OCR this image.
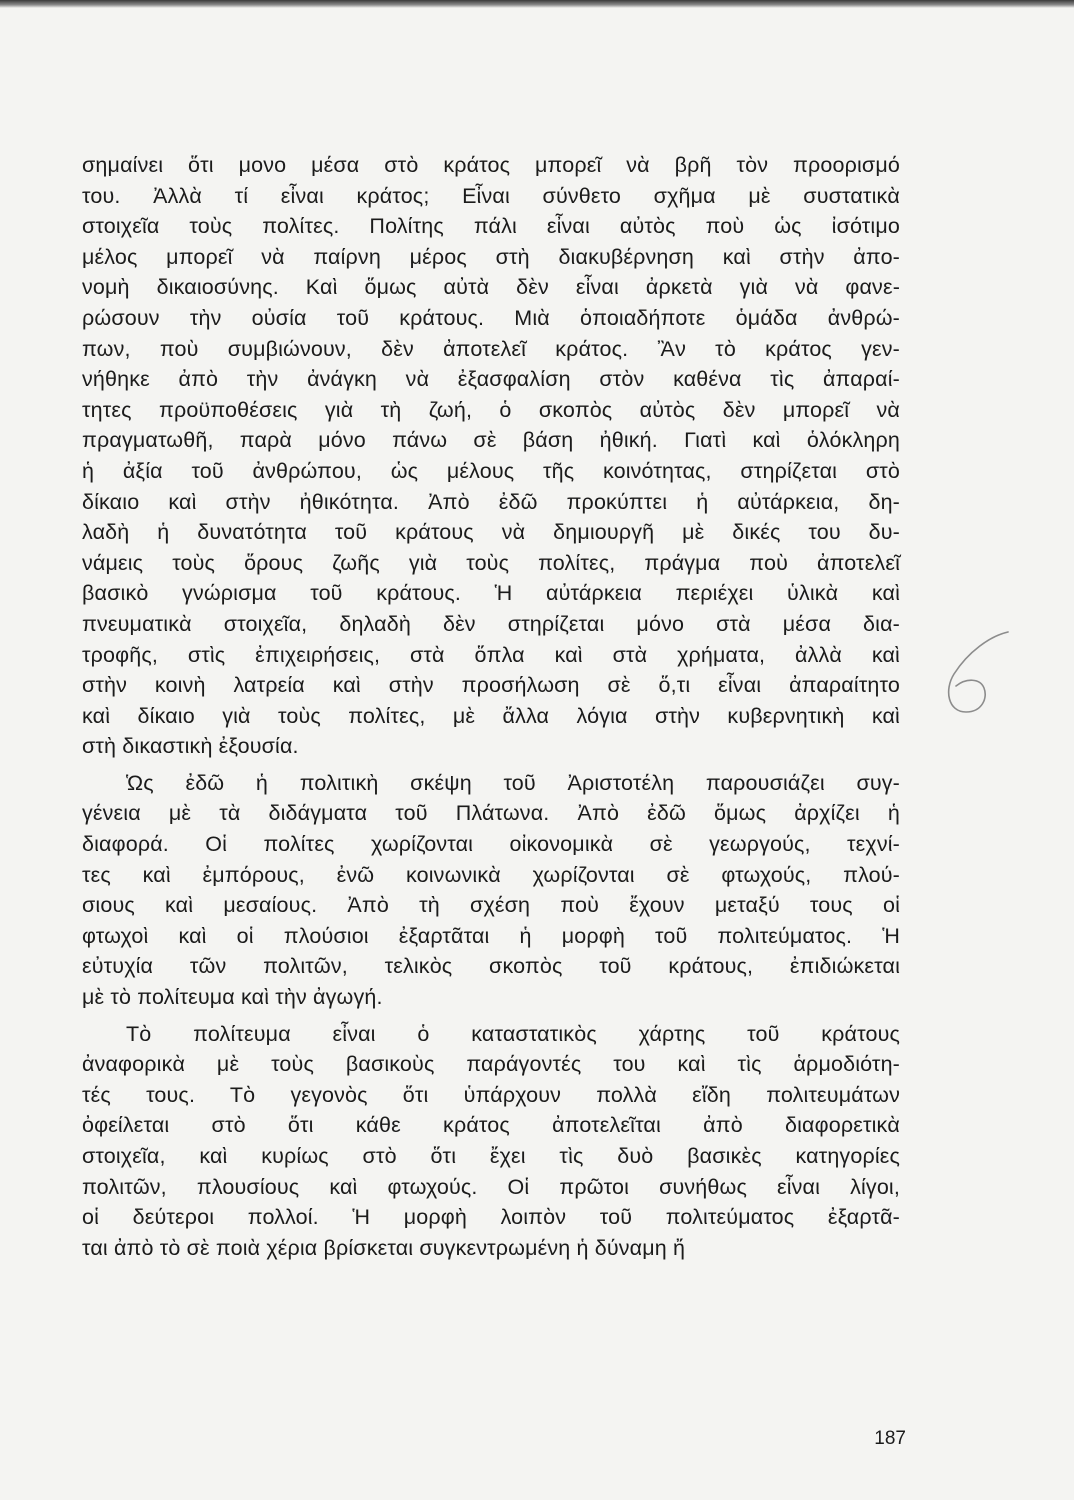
σημαίνει ὅτι μονο μέσα στὸ κράτος μπορεῖ νὰ βρῆ τὸν προορισμό
του. Ἀλλὰ τί εἶναι κράτος; Εἶναι σύνθετο σχῆμα μὲ συστατικὰ
στοιχεῖα τοὺς πολίτες. Πολίτης πάλι εἶναι αὐτὸς ποὺ ὡς ἰσότιμο
μέλος μπορεῖ νὰ παίρνη μέρος στὴ διακυβέρνηση καὶ στὴν ἀπο-
νομὴ δικαιοσύνης. Καὶ ὅμως αὐτὰ δὲν εἶναι ἀρκετὰ γιὰ νὰ φανε-
ρώσουν τὴν οὐσία τοῦ κράτους. Μιὰ ὁποιαδήποτε ὁμάδα ἀνθρώ-
πων, ποὺ συμβιώνουν, δὲν ἀποτελεῖ κράτος. Ἂν τὸ κράτος γεν-
νήθηκε ἀπὸ τὴν ἀνάγκη νὰ ἐξασφαλίση στὸν καθένα τὶς ἀπαραί-
τητες προϋποθέσεις γιὰ τὴ ζωή, ὁ σκοπὸς αὐτὸς δὲν μπορεῖ νὰ
πραγματωθῆ, παρὰ μόνο πάνω σὲ βάση ἠθική. Γιατὶ καὶ ὁλόκληρη
ἡ ἀξία τοῦ ἀνθρώπου, ὡς μέλους τῆς κοινότητας, στηρίζεται στὸ
δίκαιο καὶ στὴν ἠθικότητα. Ἀπὸ ἐδῶ προκύπτει ἡ αὐτάρκεια, δη-
λαδὴ ἡ δυνατότητα τοῦ κράτους νὰ δημιουργῆ μὲ δικές του δυ-
νάμεις τοὺς ὅρους ζωῆς γιὰ τοὺς πολίτες, πράγμα ποὺ ἀποτελεῖ
βασικὸ γνώρισμα τοῦ κράτους. Ἡ αὐτάρκεια περιέχει ὑλικὰ καὶ
πνευματικὰ στοιχεῖα, δηλαδὴ δὲν στηρίζεται μόνο στὰ μέσα δια-
τροφῆς, στὶς ἐπιχειρήσεις, στὰ ὅπλα καὶ στὰ χρήματα, ἀλλὰ καὶ
στὴν κοινὴ λατρεία καὶ στὴν προσήλωση σὲ ὅ,τι εἶναι ἀπαραίτητο
καὶ δίκαιο γιὰ τοὺς πολίτες, μὲ ἄλλα λόγια στὴν κυβερνητικὴ καὶ
στὴ δικαστικὴ ἐξουσία.
Ὡς ἐδῶ ἡ πολιτικὴ σκέψη τοῦ Ἀριστοτέλη παρουσιάζει συγ-
γένεια μὲ τὰ διδάγματα τοῦ Πλάτωνα. Ἀπὸ ἐδῶ ὅμως ἀρχίζει ἡ
διαφορά. Οἱ πολίτες χωρίζονται οἰκονομικὰ σὲ γεωργούς, τεχνί-
τες καὶ ἐμπόρους, ἐνῶ κοινωνικὰ χωρίζονται σὲ φτωχούς, πλού-
σιους καὶ μεσαίους. Ἀπὸ τὴ σχέση ποὺ ἔχουν μεταξύ τους οἱ
φτωχοὶ καὶ οἱ πλούσιοι ἐξαρτᾶται ἡ μορφὴ τοῦ πολιτεύματος. Ἡ
εὐτυχία τῶν πολιτῶν, τελικὸς σκοπὸς τοῦ κράτους, ἐπιδιώκεται
μὲ τὸ πολίτευμα καὶ τὴν ἀγωγή.
Τὸ πολίτευμα εἶναι ὁ καταστατικὸς χάρτης τοῦ κράτους
ἀναφορικὰ μὲ τοὺς βασικοὺς παράγοντές του καὶ τὶς ἁρμοδιότη-
τές τους. Τὸ γεγονὸς ὅτι ὑπάρχουν πολλὰ εἴδη πολιτευμάτων
ὀφείλεται στὸ ὅτι κάθε κράτος ἀποτελεῖται ἀπὸ διαφορετικὰ
στοιχεῖα, καὶ κυρίως στὸ ὅτι ἔχει τὶς δυὸ βασικὲς κατηγορίες
πολιτῶν, πλουσίους καὶ φτωχούς. Οἱ πρῶτοι συνήθως εἶναι λίγοι,
οἱ δεύτεροι πολλοί. Ἡ μορφὴ λοιπὸν τοῦ πολιτεύματος ἐξαρτᾶ-
ται ἀπὸ τὸ σὲ ποιὰ χέρια βρίσκεται συγκεντρωμένη ἡ δύναμη ἤ
187
